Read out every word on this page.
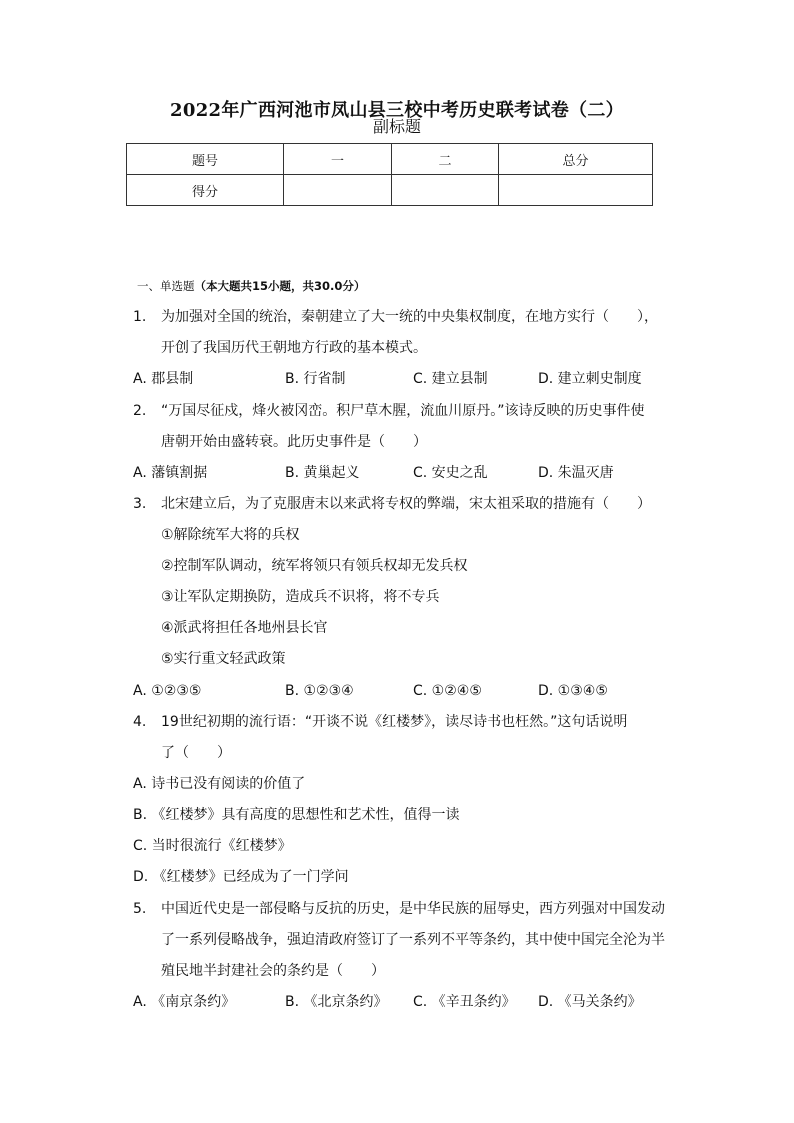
2022年广西河池市凤山县三校中考历史联考试卷（二）
副标题
题号	一	二	总分
得分			
一、单选题（本大题共15小题，共30.0分）
1. 为加强对全国的统治，秦朝建立了大一统的中央集权制度，在地方实行（　　），
开创了我国历代王朝地方行政的基本模式。
A. 郡县制	B. 行省制	C. 建立县制	D. 建立刺史制度
2. “万国尽征戍，烽火被冈峦。积尸草木腥，流血川原丹。”该诗反映的历史事件使
唐朝开始由盛转衰。此历史事件是（　　）
A. 藩镇割据	B. 黄巢起义	C. 安史之乱	D. 朱温灭唐
3. 北宋建立后，为了克服唐末以来武将专权的弊端，宋太祖采取的措施有（　　）
①解除统军大将的兵权
②控制军队调动，统军将领只有领兵权却无发兵权
③让军队定期换防，造成兵不识将，将不专兵
④派武将担任各地州县长官
⑤实行重文轻武政策
A. ①②③⑤	B. ①②③④	C. ①②④⑤	D. ①③④⑤
4. 19世纪初期的流行语：“开谈不说《红楼梦》，读尽诗书也枉然。”这句话说明
了（　　）
A. 诗书已没有阅读的价值了
B. 《红楼梦》具有高度的思想性和艺术性，值得一读
C. 当时很流行《红楼梦》
D. 《红楼梦》已经成为了一门学问
5. 中国近代史是一部侵略与反抗的历史，是中华民族的屈辱史，西方列强对中国发动
了一系列侵略战争，强迫清政府签订了一系列不平等条约，其中使中国完全沦为半
殖民地半封建社会的条约是（　　）
A. 《南京条约》	B. 《北京条约》 C. 《辛丑条约》 D. 《马关条约》
